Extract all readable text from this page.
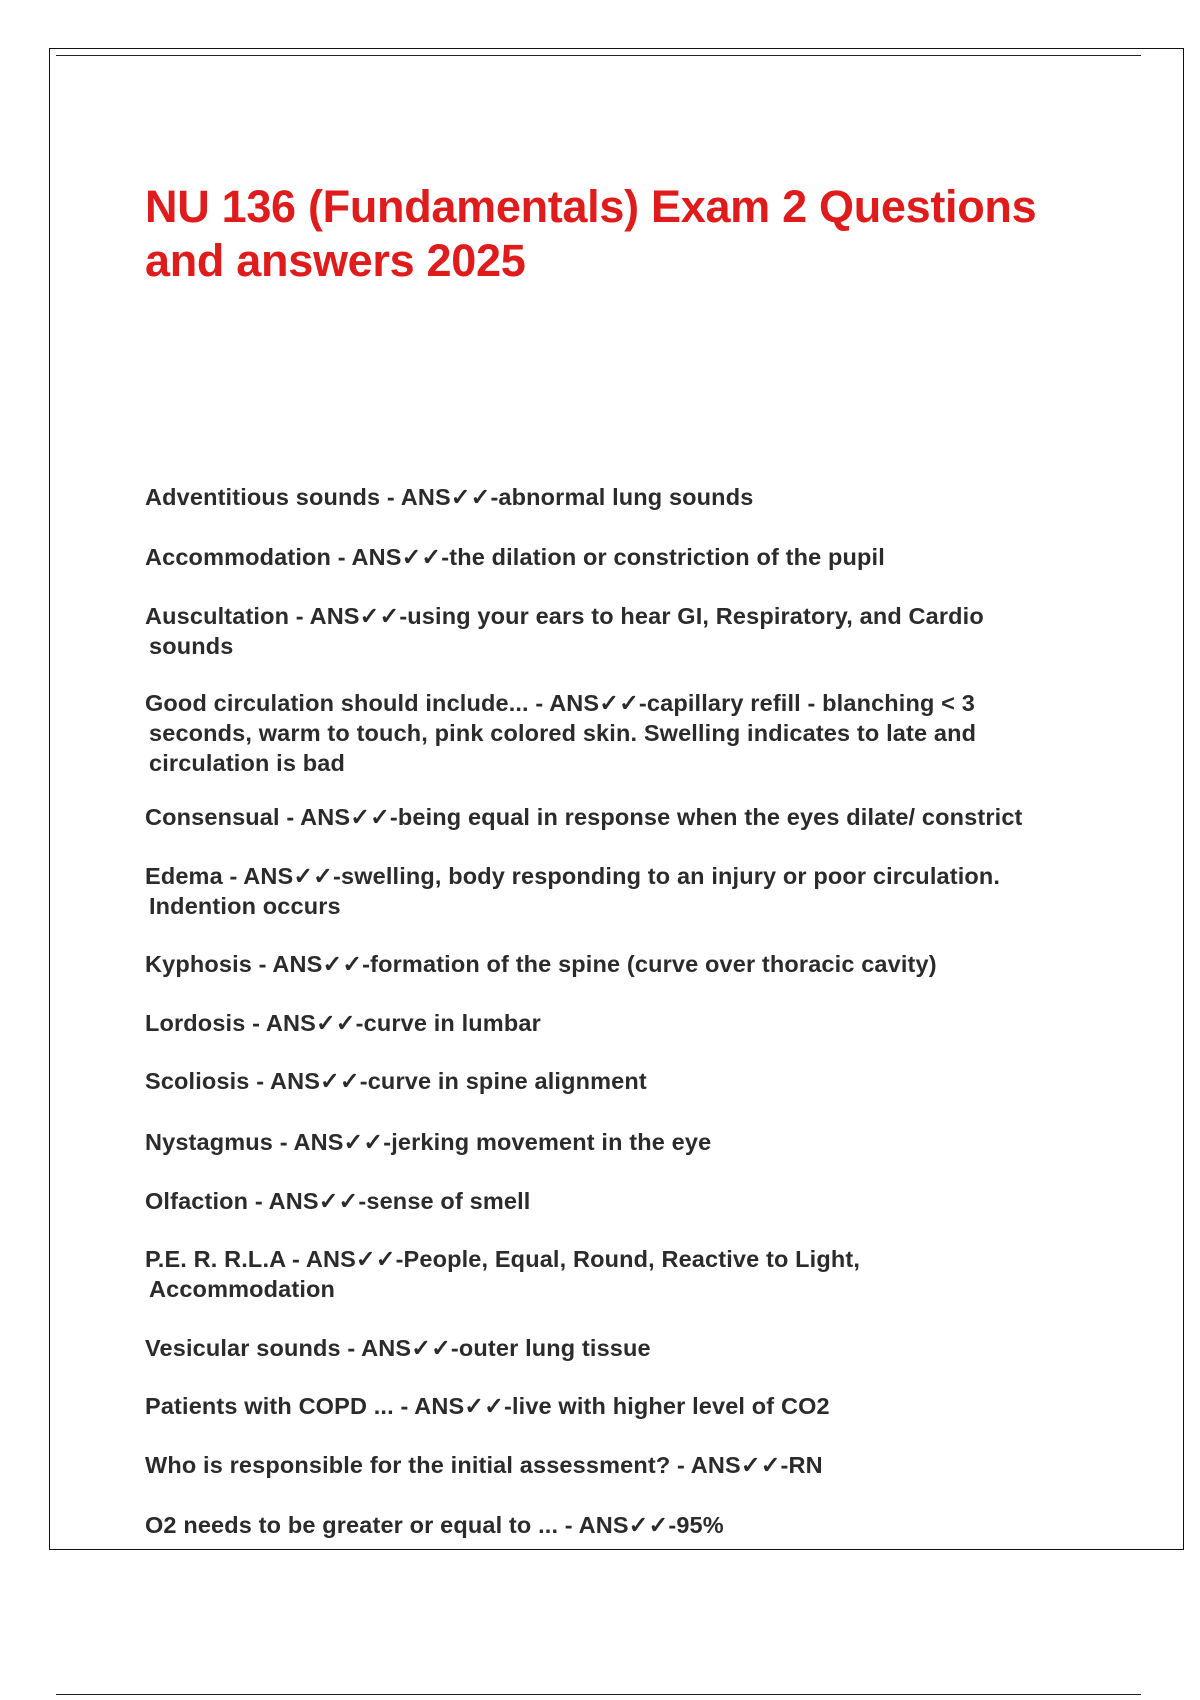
NU 136 (Fundamentals) Exam 2 Questions
and answers 2025
Adventitious sounds - ANS✓✓-abnormal lung sounds
Accommodation - ANS✓✓-the dilation or constriction of the pupil
Auscultation - ANS✓✓-using your ears to hear GI, Respiratory, and Cardio
sounds
Good circulation should include... - ANS✓✓-capillary refill - blanching < 3
seconds, warm to touch, pink colored skin. Swelling indicates to late and
circulation is bad
Consensual - ANS✓✓-being equal in response when the eyes dilate/ constrict
Edema - ANS✓✓-swelling, body responding to an injury or poor circulation.
Indention occurs
Kyphosis - ANS✓✓-formation of the spine (curve over thoracic cavity)
Lordosis - ANS✓✓-curve in lumbar
Scoliosis - ANS✓✓-curve in spine alignment
Nystagmus - ANS✓✓-jerking movement in the eye
Olfaction - ANS✓✓-sense of smell
P.E. R. R.L.A - ANS✓✓-People, Equal, Round, Reactive to Light,
Accommodation
Vesicular sounds - ANS✓✓-outer lung tissue
Patients with COPD ... - ANS✓✓-live with higher level of CO2
Who is responsible for the initial assessment? - ANS✓✓-RN
O2 needs to be greater or equal to ... - ANS✓✓-95%
